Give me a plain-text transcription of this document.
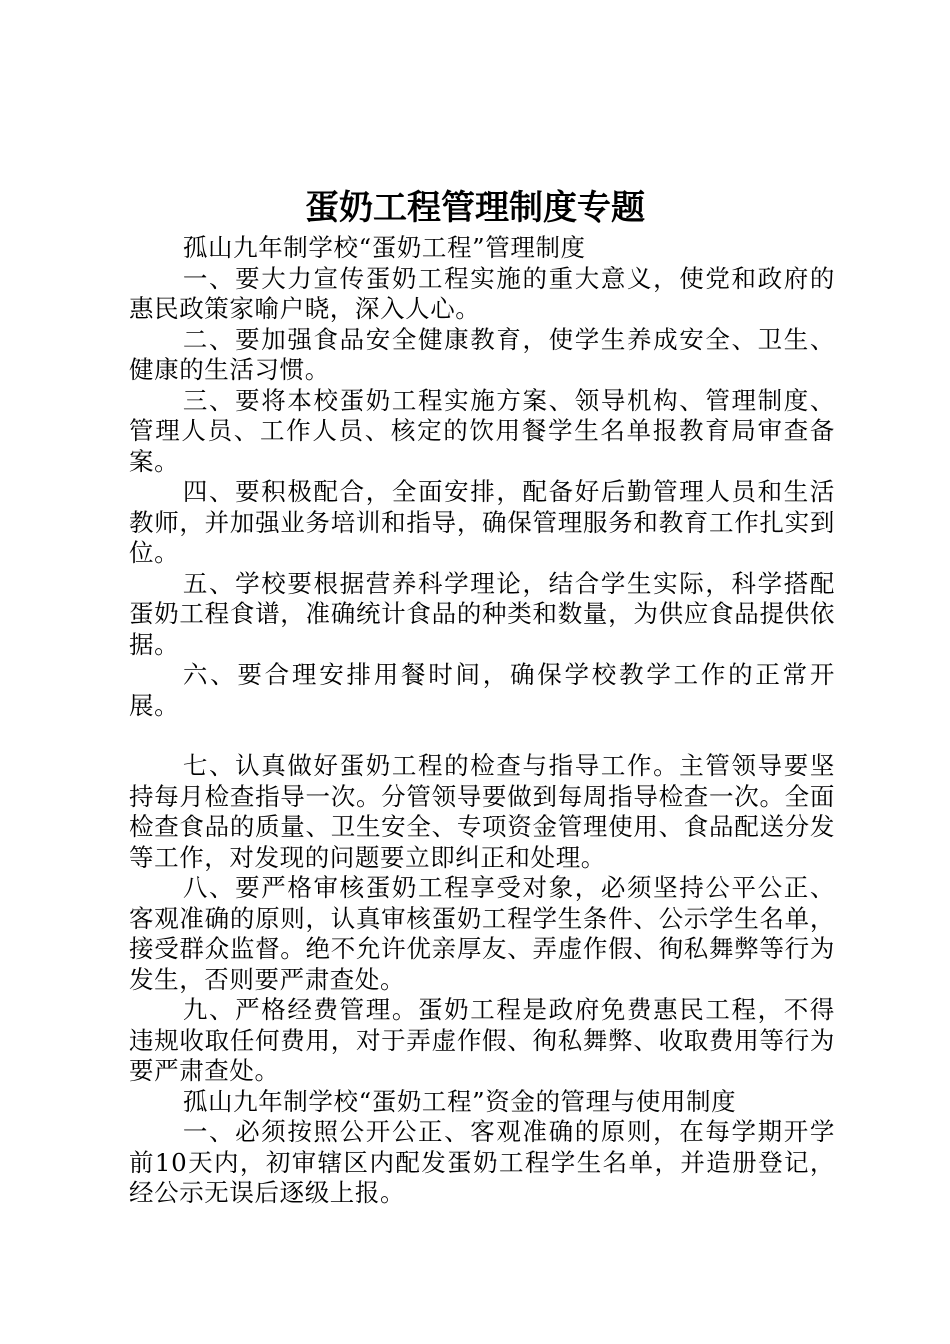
蛋奶工程管理制度专题

孤山九年制学校“蛋奶工程”管理制度

一、要大力宣传蛋奶工程实施的重大意义，使党和政府的惠民政策家喻户晓，深入人心。

二、要加强食品安全健康教育，使学生养成安全、卫生、健康的生活习惯。

三、要将本校蛋奶工程实施方案、领导机构、管理制度、管理人员、工作人员、核定的饮用餐学生名单报教育局审查备案。

四、要积极配合，全面安排，配备好后勤管理人员和生活教师，并加强业务培训和指导，确保管理服务和教育工作扎实到位。

五、学校要根据营养科学理论，结合学生实际，科学搭配蛋奶工程食谱，准确统计食品的种类和数量，为供应食品提供依据。

六、要合理安排用餐时间，确保学校教学工作的正常开展。

七、认真做好蛋奶工程的检查与指导工作。主管领导要坚持每月检查指导一次。分管领导要做到每周指导检查一次。全面检查食品的质量、卫生安全、专项资金管理使用、食品配送分发等工作，对发现的问题要立即纠正和处理。

八、要严格审核蛋奶工程享受对象，必须坚持公平公正、客观准确的原则，认真审核蛋奶工程学生条件、公示学生名单，接受群众监督。绝不允许优亲厚友、弄虚作假、徇私舞弊等行为发生，否则要严肃查处。

九、严格经费管理。蛋奶工程是政府免费惠民工程，不得违规收取任何费用，对于弄虚作假、徇私舞弊、收取费用等行为要严肃查处。

孤山九年制学校“蛋奶工程”资金的管理与使用制度

一、必须按照公开公正、客观准确的原则，在每学期开学前10天内，初审辖区内配发蛋奶工程学生名单，并造册登记，经公示无误后逐级上报。
